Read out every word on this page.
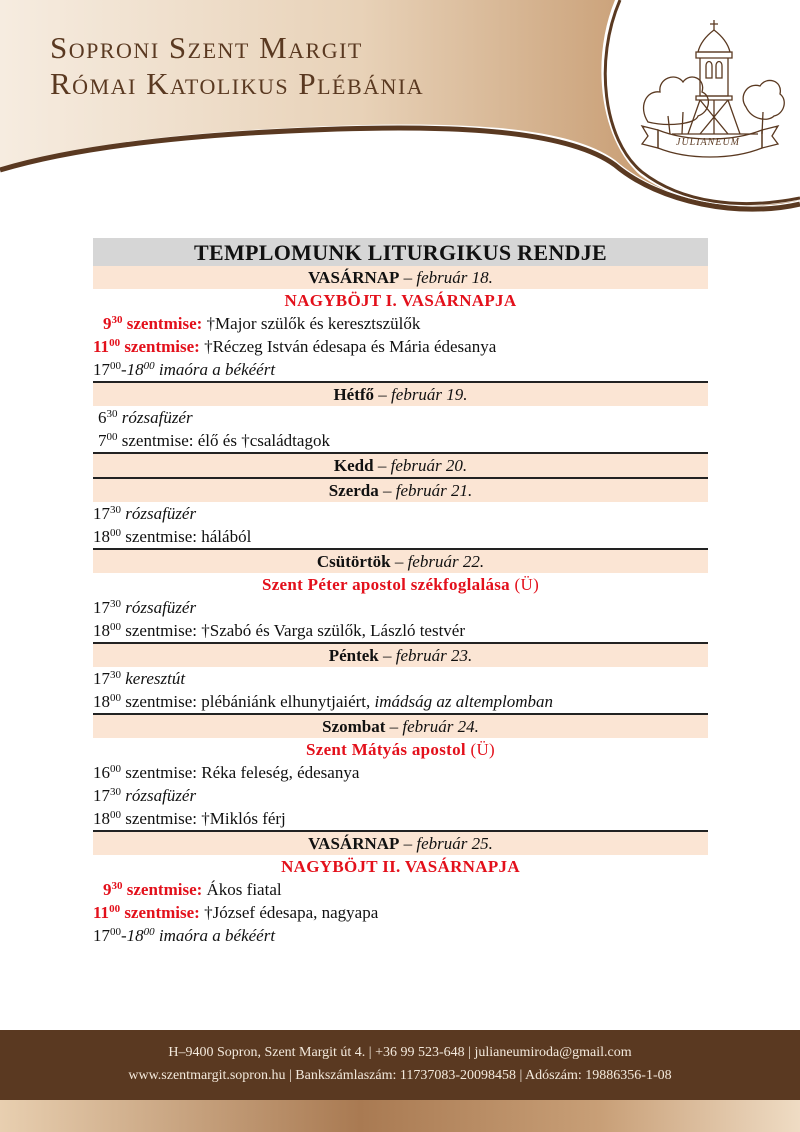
Soproni Szent Margit
Római Katolikus Plébánia
JULIANEUM
TEMPLOMUNK LITURGIKUS RENDJE
VASÁRNAP – február 18.
NAGYBÖJT I. VASÁRNAPJA
$9^{30}$ szentmise: †Major szülők és keresztszülők
$11^{00}$ szentmise: †Réczeg István édesapa és Mária édesanya
$17^{00}-18^{00}$ imaóra a békéért
Hétfő – február 19.
$6^{30}$ rózsafüzér
$7^{00}$ szentmise: élő és †családtagok
Kedd – február 20.
Szerda – február 21.
$17^{30}$ rózsafüzér
$18^{00}$ szentmise: hálából
Csütörtök – február 22.
Szent Péter apostol székfoglalása (Ü)
$17^{30}$ rózsafüzér
$18^{00}$ szentmise: †Szabó és Varga szülők, László testvér
Péntek – február 23.
$17^{30}$ keresztút
$18^{00}$ szentmise: plébániánk elhunytjaiért, imádság az altemplomban
Szombat – február 24.
Szent Mátyás apostol (Ü)
$16^{00}$ szentmise: Réka feleség, édesanya
$17^{30}$ rózsafüzér
$18^{00}$ szentmise: †Miklós férj
VASÁRNAP – február 25.
NAGYBÖJT II. VASÁRNAPJA
$9^{30}$ szentmise: Ákos fiatal
$11^{00}$ szentmise: †József édesapa, nagyapa
$17^{00}-18^{00}$ imaóra a békéért
H–9400 Sopron, Szent Margit út 4. | +36 99 523-648 | julianeumiroda@gmail.com
www.szentmargit.sopron.hu | Bankszámlaszám: 11737083-20098458 | Adószám: 19886356-1-08
